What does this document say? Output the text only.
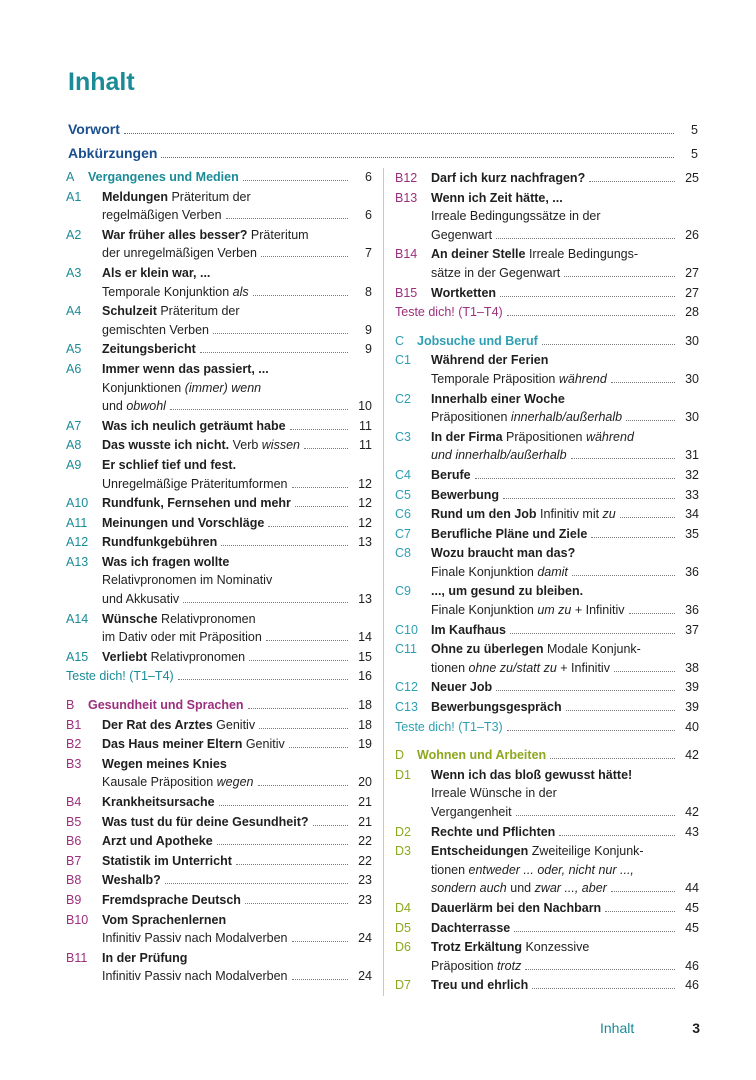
Inhalt
Vorwort	5
Abkürzungen	5
A	Vergangenes und Medien	6
A1	Meldungen Präteritum der
regelmäßigen Verben	6
A2	War früher alles besser? Präteritum
der unregelmäßigen Verben	7
A3	Als er klein war, ...
Temporale Konjunktion als	8
A4	Schulzeit Präteritum der
gemischten Verben	9
A5	Zeitungsbericht	9
A6	Immer wenn das passiert, ...
Konjunktionen (immer) wenn
und obwohl	10
A7	Was ich neulich geträumt habe	11
A8	Das wusste ich nicht. Verb wissen	11
A9	Er schlief tief und fest.
Unregelmäßige Präteritumformen	12
A10	Rundfunk, Fernsehen und mehr	12
A11	Meinungen und Vorschläge	12
A12	Rundfunkgebühren	13
A13	Was ich fragen wollte
Relativpronomen im Nominativ
und Akkusativ	13
A14	Wünsche Relativpronomen
im Dativ oder mit Präposition	14
A15	Verliebt Relativpronomen	15
Teste dich! (T1–T4)	16
B	Gesundheit und Sprachen	18
B1	Der Rat des Arztes Genitiv	18
B2	Das Haus meiner Eltern Genitiv	19
B3	Wegen meines Knies
Kausale Präposition wegen	20
B4	Krankheitsursache	21
B5	Was tust du für deine Gesundheit?	21
B6	Arzt und Apotheke	22
B7	Statistik im Unterricht	22
B8	Weshalb?	23
B9	Fremdsprache Deutsch	23
B10	Vom Sprachenlernen
Infinitiv Passiv nach Modalverben	24
B11	In der Prüfung
Infinitiv Passiv nach Modalverben	24
B12	Darf ich kurz nachfragen?	25
B13	Wenn ich Zeit hätte, ...
Irreale Bedingungssätze in der
Gegenwart	26
B14	An deiner Stelle Irreale Bedingungs-
sätze in der Gegenwart	27
B15	Wortketten	27
Teste dich! (T1–T4)	28
C	Jobsuche und Beruf	30
C1	Während der Ferien
Temporale Präposition während	30
C2	Innerhalb einer Woche
Präpositionen innerhalb/außerhalb	30
C3	In der Firma Präpositionen während
und innerhalb/außerhalb	31
C4	Berufe	32
C5	Bewerbung	33
C6	Rund um den Job Infinitiv mit zu	34
C7	Berufliche Pläne und Ziele	35
C8	Wozu braucht man das?
Finale Konjunktion damit	36
C9	..., um gesund zu bleiben.
Finale Konjunktion um zu + Infinitiv	36
C10	Im Kaufhaus	37
C11	Ohne zu überlegen Modale Konjunk-
tionen ohne zu/statt zu + Infinitiv	38
C12	Neuer Job	39
C13	Bewerbungsgespräch	39
Teste dich! (T1–T3)	40
D	Wohnen und Arbeiten	42
D1	Wenn ich das bloß gewusst hätte!
Irreale Wünsche in der
Vergangenheit	42
D2	Rechte und Pflichten	43
D3	Entscheidungen Zweiteilige Konjunk-
tionen entweder ... oder, nicht nur ...,
sondern auch und zwar ..., aber	44
D4	Dauerlärm bei den Nachbarn	45
D5	Dachterrasse	45
D6	Trotz Erkältung Konzessive
Präposition trotz	46
D7	Treu und ehrlich	46
Inhalt	3
